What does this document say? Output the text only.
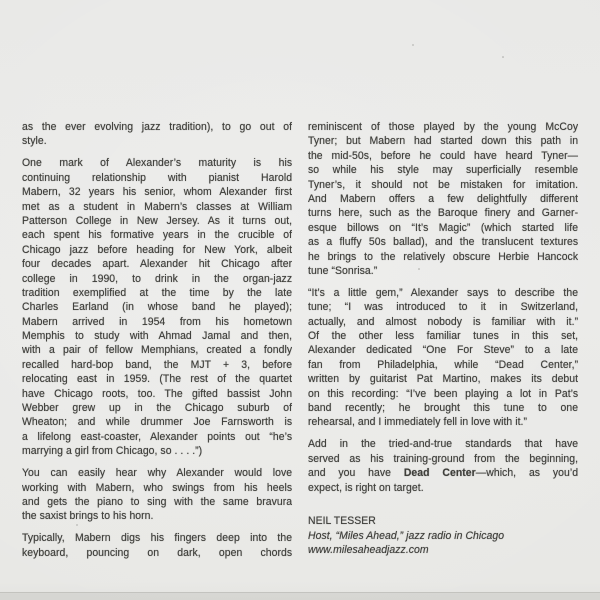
as the ever evolving jazz tradition), to go out of
style.

One mark of Alexander’s maturity is his
continuing relationship with pianist Harold
Mabern, 32 years his senior, whom Alexander first
met as a student in Mabern’s classes at William
Patterson College in New Jersey. As it turns out,
each spent his formative years in the crucible of
Chicago jazz before heading for New York, albeit
four decades apart. Alexander hit Chicago after
college in 1990, to drink in the organ-jazz
tradition exemplified at the time by the late
Charles Earland (in whose band he played);
Mabern arrived in 1954 from his hometown
Memphis to study with Ahmad Jamal and then,
with a pair of fellow Memphians, created a fondly
recalled hard-bop band, the MJT + 3, before
relocating east in 1959. (The rest of the quartet
have Chicago roots, too. The gifted bassist John
Webber grew up in the Chicago suburb of
Wheaton; and while drummer Joe Farnsworth is
a lifelong east-coaster, Alexander points out “he’s
marrying a girl from Chicago, so . . . .”)

You can easily hear why Alexander would love
working with Mabern, who swings from his heels
and gets the piano to sing with the same bravura
the saxist brings to his horn.

Typically, Mabern digs his fingers deep into the
keyboard, pouncing on dark, open chords

reminiscent of those played by the young McCoy
Tyner; but Mabern had started down this path in
the mid-50s, before he could have heard Tyner—
so while his style may superficially resemble
Tyner’s, it should not be mistaken for imitation.
And Mabern offers a few delightfully different
turns here, such as the Baroque finery and Garner-
esque billows on “It’s Magic” (which started life
as a fluffy 50s ballad), and the translucent textures
he brings to the relatively obscure Herbie Hancock
tune “Sonrisa.”

“It’s a little gem,” Alexander says to describe the
tune; “I was introduced to it in Switzerland,
actually, and almost nobody is familiar with it.”
Of the other less familiar tunes in this set,
Alexander dedicated “One For Steve” to a late
fan from Philadelphia, while “Dead Center,”
written by guitarist Pat Martino, makes its debut
on this recording: “I’ve been playing a lot in Pat’s
band recently; he brought this tune to one
rehearsal, and I immediately fell in love with it.”

Add in the tried-and-true standards that have
served as his training-ground from the beginning,
and you have Dead Center—which, as you’d
expect, is right on target.

NEIL TESSER
Host, “Miles Ahead,” jazz radio in Chicago
www.milesaheadjazz.com
